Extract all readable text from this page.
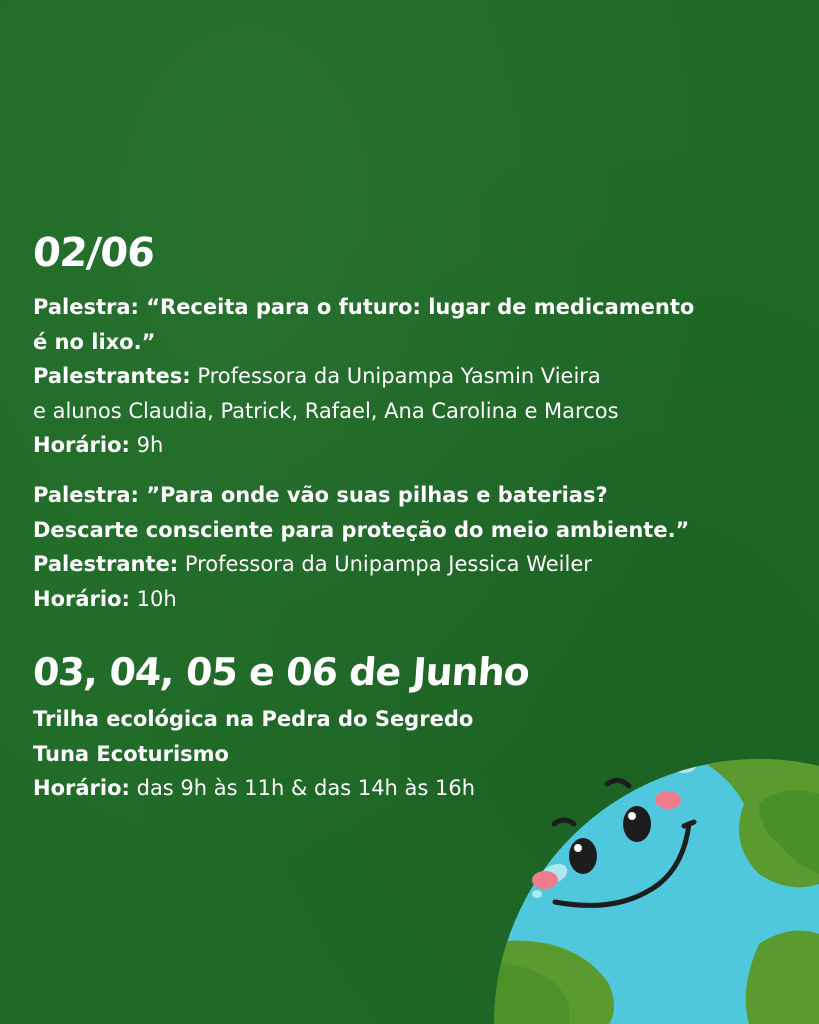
02/06
Palestra: “Receita para o futuro: lugar de medicamento
é no lixo.”
Palestrantes: Professora da Unipampa Yasmin Vieira
e alunos Claudia, Patrick, Rafael, Ana Carolina e Marcos
Horário: 9h
Palestra: ”Para onde vão suas pilhas e baterias?
Descarte consciente para proteção do meio ambiente.”
Palestrante: Professora da Unipampa Jessica Weiler
Horário: 10h
03, 04, 05 e 06 de Junho
Trilha ecológica na Pedra do Segredo
Tuna Ecoturismo
Horário: das 9h às 11h & das 14h às 16h
